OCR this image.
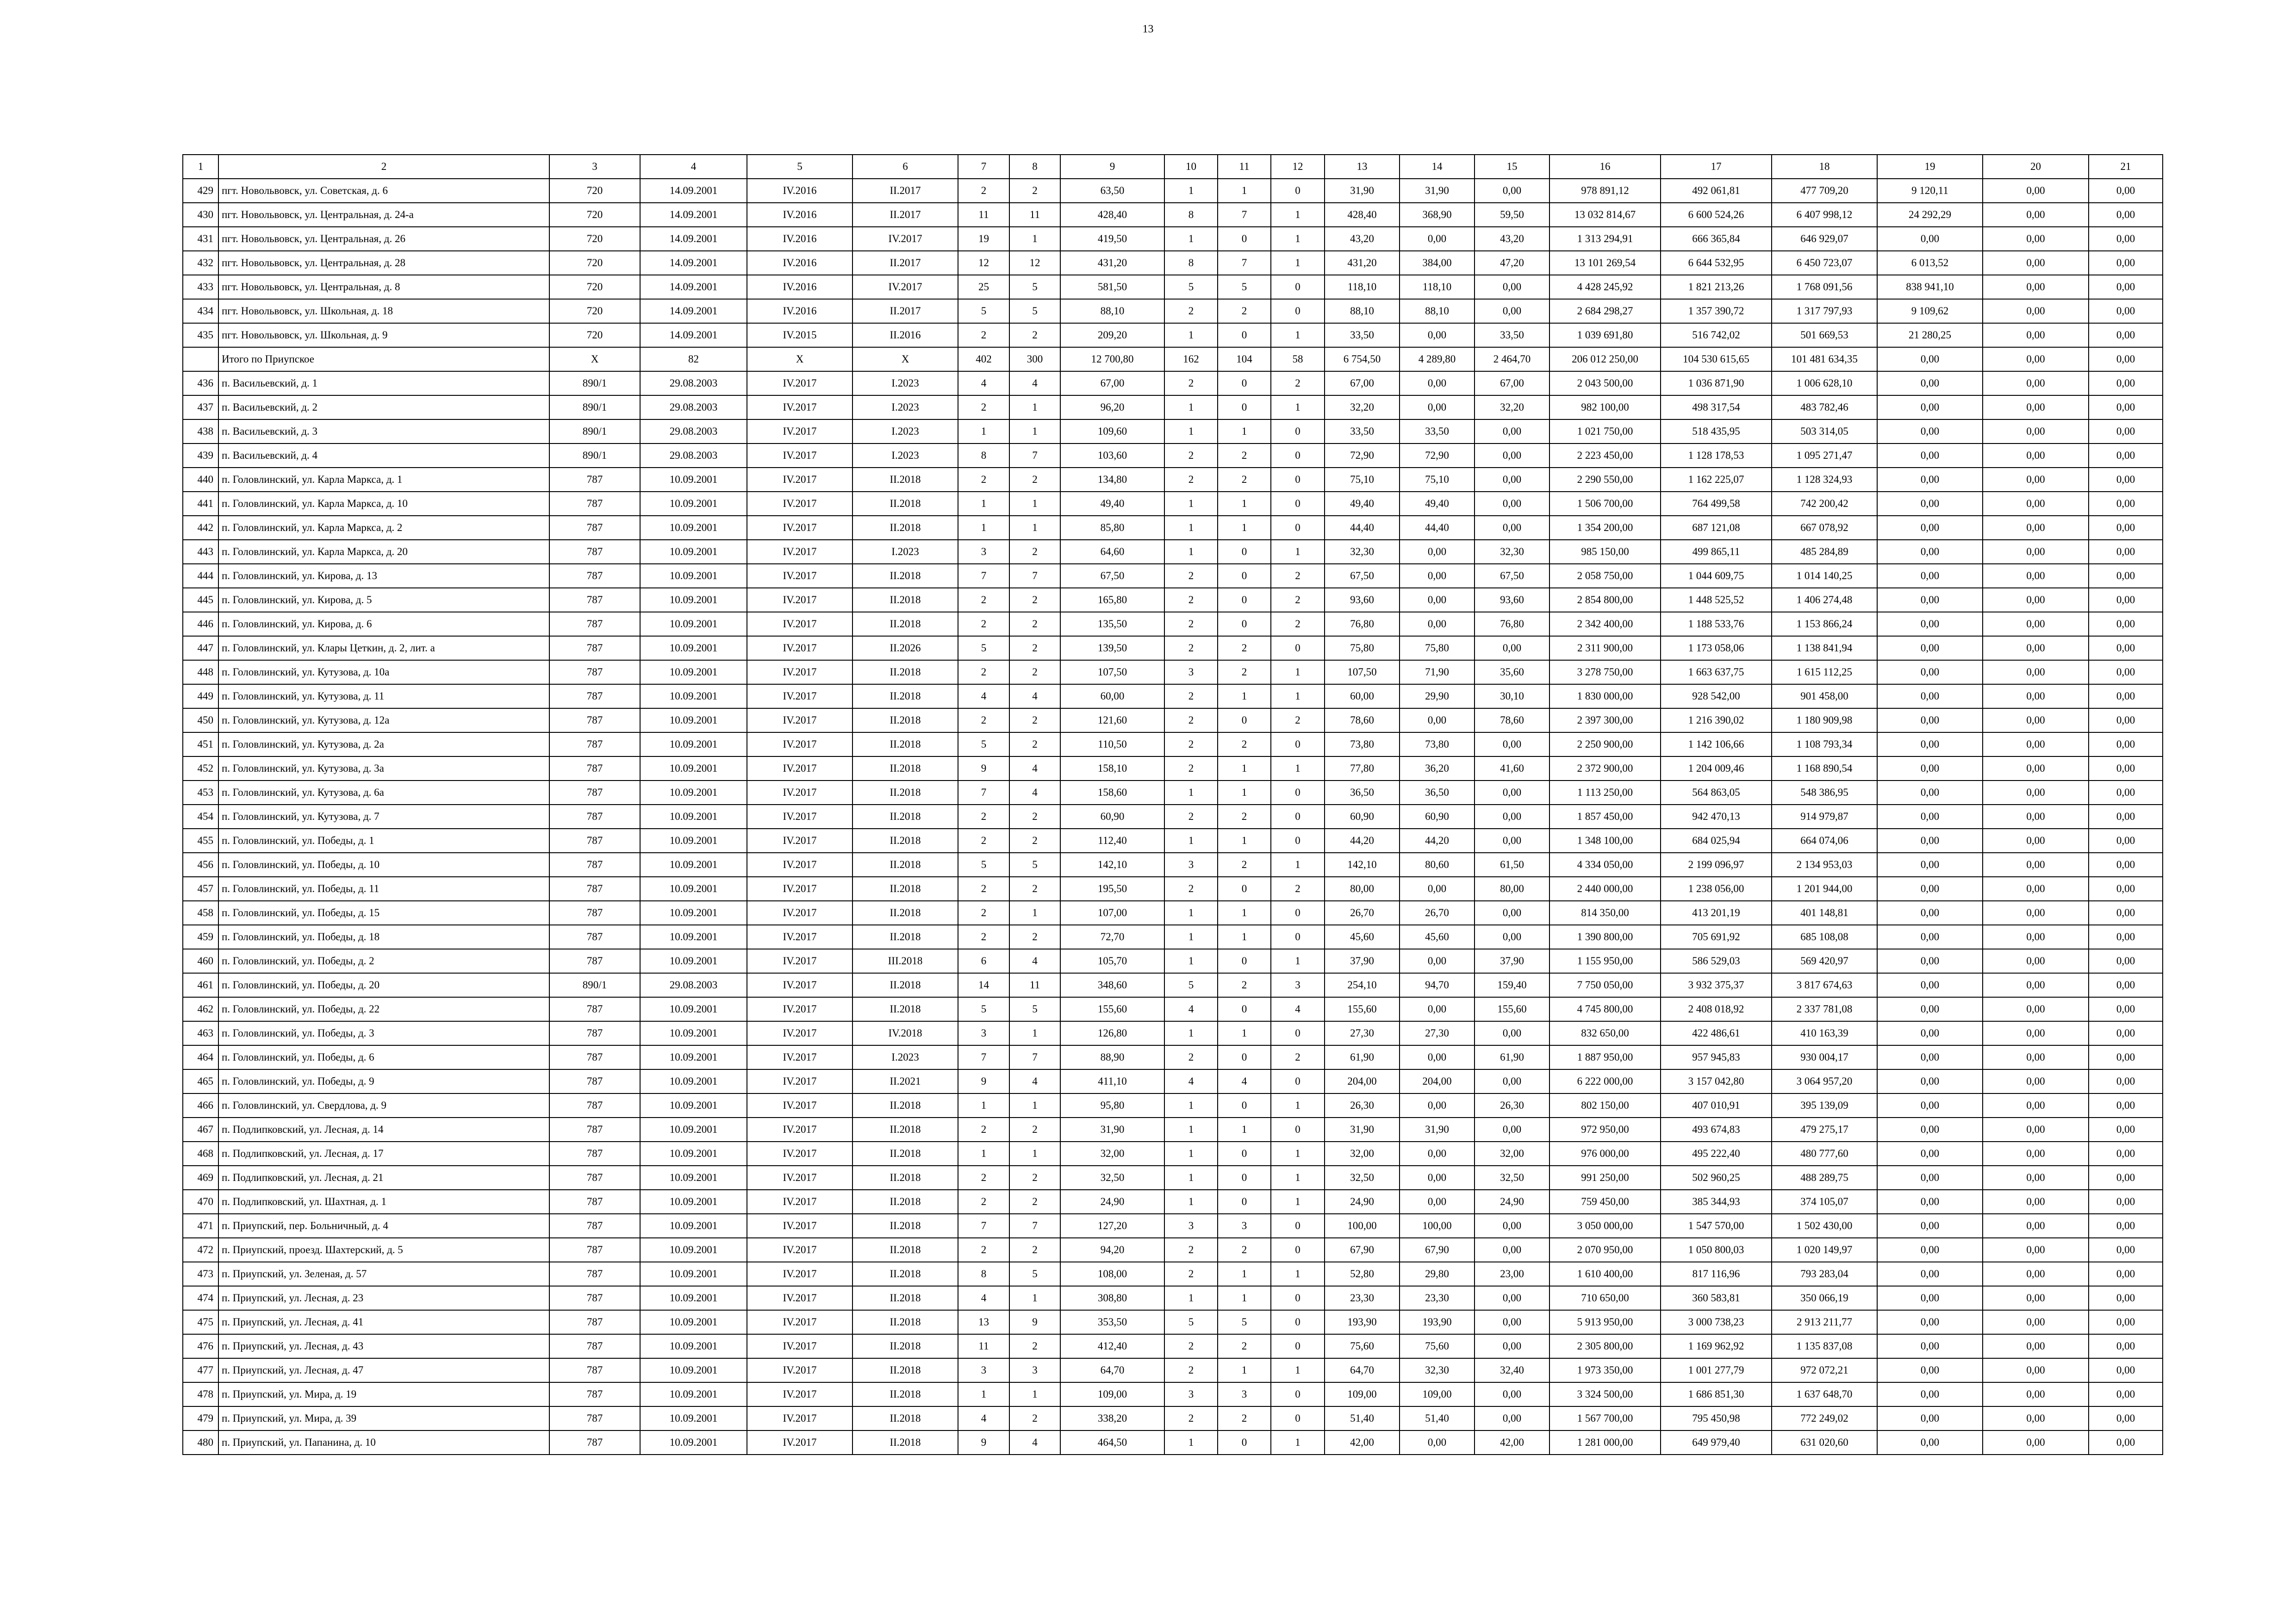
13
1	2	3	4	5	6	7	8	9	10	11	12	13	14	15	16	17	18	19	20	21
429	пгт. Новольвовск, ул. Советская, д. 6	720	14.09.2001	IV.2016	II.2017	2	2	63,50	1	1	0	31,90	31,90	0,00	978 891,12	492 061,81	477 709,20	9 120,11	0,00	0,00
430	пгт. Новольвовск, ул. Центральная, д. 24-а	720	14.09.2001	IV.2016	II.2017	11	11	428,40	8	7	1	428,40	368,90	59,50	13 032 814,67	6 600 524,26	6 407 998,12	24 292,29	0,00	0,00
431	пгт. Новольвовск, ул. Центральная, д. 26	720	14.09.2001	IV.2016	IV.2017	19	1	419,50	1	0	1	43,20	0,00	43,20	1 313 294,91	666 365,84	646 929,07	0,00	0,00	0,00
432	пгт. Новольвовск, ул. Центральная, д. 28	720	14.09.2001	IV.2016	II.2017	12	12	431,20	8	7	1	431,20	384,00	47,20	13 101 269,54	6 644 532,95	6 450 723,07	6 013,52	0,00	0,00
433	пгт. Новольвовск, ул. Центральная, д. 8	720	14.09.2001	IV.2016	IV.2017	25	5	581,50	5	5	0	118,10	118,10	0,00	4 428 245,92	1 821 213,26	1 768 091,56	838 941,10	0,00	0,00
434	пгт. Новольвовск, ул. Школьная, д. 18	720	14.09.2001	IV.2016	II.2017	5	5	88,10	2	2	0	88,10	88,10	0,00	2 684 298,27	1 357 390,72	1 317 797,93	9 109,62	0,00	0,00
435	пгт. Новольвовск, ул. Школьная, д. 9	720	14.09.2001	IV.2015	II.2016	2	2	209,20	1	0	1	33,50	0,00	33,50	1 039 691,80	516 742,02	501 669,53	21 280,25	0,00	0,00
	Итого по Приупское	X	82	X	X	402	300	12 700,80	162	104	58	6 754,50	4 289,80	2 464,70	206 012 250,00	104 530 615,65	101 481 634,35	0,00	0,00	0,00
436	п. Васильевский, д. 1	890/1	29.08.2003	IV.2017	I.2023	4	4	67,00	2	0	2	67,00	0,00	67,00	2 043 500,00	1 036 871,90	1 006 628,10	0,00	0,00	0,00
437	п. Васильевский, д. 2	890/1	29.08.2003	IV.2017	I.2023	2	1	96,20	1	0	1	32,20	0,00	32,20	982 100,00	498 317,54	483 782,46	0,00	0,00	0,00
438	п. Васильевский, д. 3	890/1	29.08.2003	IV.2017	I.2023	1	1	109,60	1	1	0	33,50	33,50	0,00	1 021 750,00	518 435,95	503 314,05	0,00	0,00	0,00
439	п. Васильевский, д. 4	890/1	29.08.2003	IV.2017	I.2023	8	7	103,60	2	2	0	72,90	72,90	0,00	2 223 450,00	1 128 178,53	1 095 271,47	0,00	0,00	0,00
440	п. Головлинский, ул. Карла Маркса, д. 1	787	10.09.2001	IV.2017	II.2018	2	2	134,80	2	2	0	75,10	75,10	0,00	2 290 550,00	1 162 225,07	1 128 324,93	0,00	0,00	0,00
441	п. Головлинский, ул. Карла Маркса, д. 10	787	10.09.2001	IV.2017	II.2018	1	1	49,40	1	1	0	49,40	49,40	0,00	1 506 700,00	764 499,58	742 200,42	0,00	0,00	0,00
442	п. Головлинский, ул. Карла Маркса, д. 2	787	10.09.2001	IV.2017	II.2018	1	1	85,80	1	1	0	44,40	44,40	0,00	1 354 200,00	687 121,08	667 078,92	0,00	0,00	0,00
443	п. Головлинский, ул. Карла Маркса, д. 20	787	10.09.2001	IV.2017	I.2023	3	2	64,60	1	0	1	32,30	0,00	32,30	985 150,00	499 865,11	485 284,89	0,00	0,00	0,00
444	п. Головлинский, ул. Кирова, д. 13	787	10.09.2001	IV.2017	II.2018	7	7	67,50	2	0	2	67,50	0,00	67,50	2 058 750,00	1 044 609,75	1 014 140,25	0,00	0,00	0,00
445	п. Головлинский, ул. Кирова, д. 5	787	10.09.2001	IV.2017	II.2018	2	2	165,80	2	0	2	93,60	0,00	93,60	2 854 800,00	1 448 525,52	1 406 274,48	0,00	0,00	0,00
446	п. Головлинский, ул. Кирова, д. 6	787	10.09.2001	IV.2017	II.2018	2	2	135,50	2	0	2	76,80	0,00	76,80	2 342 400,00	1 188 533,76	1 153 866,24	0,00	0,00	0,00
447	п. Головлинский, ул. Клары Цеткин, д. 2, лит. а	787	10.09.2001	IV.2017	II.2026	5	2	139,50	2	2	0	75,80	75,80	0,00	2 311 900,00	1 173 058,06	1 138 841,94	0,00	0,00	0,00
448	п. Головлинский, ул. Кутузова, д. 10а	787	10.09.2001	IV.2017	II.2018	2	2	107,50	3	2	1	107,50	71,90	35,60	3 278 750,00	1 663 637,75	1 615 112,25	0,00	0,00	0,00
449	п. Головлинский, ул. Кутузова, д. 11	787	10.09.2001	IV.2017	II.2018	4	4	60,00	2	1	1	60,00	29,90	30,10	1 830 000,00	928 542,00	901 458,00	0,00	0,00	0,00
450	п. Головлинский, ул. Кутузова, д. 12а	787	10.09.2001	IV.2017	II.2018	2	2	121,60	2	0	2	78,60	0,00	78,60	2 397 300,00	1 216 390,02	1 180 909,98	0,00	0,00	0,00
451	п. Головлинский, ул. Кутузова, д. 2а	787	10.09.2001	IV.2017	II.2018	5	2	110,50	2	2	0	73,80	73,80	0,00	2 250 900,00	1 142 106,66	1 108 793,34	0,00	0,00	0,00
452	п. Головлинский, ул. Кутузова, д. 3а	787	10.09.2001	IV.2017	II.2018	9	4	158,10	2	1	1	77,80	36,20	41,60	2 372 900,00	1 204 009,46	1 168 890,54	0,00	0,00	0,00
453	п. Головлинский, ул. Кутузова, д. 6а	787	10.09.2001	IV.2017	II.2018	7	4	158,60	1	1	0	36,50	36,50	0,00	1 113 250,00	564 863,05	548 386,95	0,00	0,00	0,00
454	п. Головлинский, ул. Кутузова, д. 7	787	10.09.2001	IV.2017	II.2018	2	2	60,90	2	2	0	60,90	60,90	0,00	1 857 450,00	942 470,13	914 979,87	0,00	0,00	0,00
455	п. Головлинский, ул. Победы, д. 1	787	10.09.2001	IV.2017	II.2018	2	2	112,40	1	1	0	44,20	44,20	0,00	1 348 100,00	684 025,94	664 074,06	0,00	0,00	0,00
456	п. Головлинский, ул. Победы, д. 10	787	10.09.2001	IV.2017	II.2018	5	5	142,10	3	2	1	142,10	80,60	61,50	4 334 050,00	2 199 096,97	2 134 953,03	0,00	0,00	0,00
457	п. Головлинский, ул. Победы, д. 11	787	10.09.2001	IV.2017	II.2018	2	2	195,50	2	0	2	80,00	0,00	80,00	2 440 000,00	1 238 056,00	1 201 944,00	0,00	0,00	0,00
458	п. Головлинский, ул. Победы, д. 15	787	10.09.2001	IV.2017	II.2018	2	1	107,00	1	1	0	26,70	26,70	0,00	814 350,00	413 201,19	401 148,81	0,00	0,00	0,00
459	п. Головлинский, ул. Победы, д. 18	787	10.09.2001	IV.2017	II.2018	2	2	72,70	1	1	0	45,60	45,60	0,00	1 390 800,00	705 691,92	685 108,08	0,00	0,00	0,00
460	п. Головлинский, ул. Победы, д. 2	787	10.09.2001	IV.2017	III.2018	6	4	105,70	1	0	1	37,90	0,00	37,90	1 155 950,00	586 529,03	569 420,97	0,00	0,00	0,00
461	п. Головлинский, ул. Победы, д. 20	890/1	29.08.2003	IV.2017	II.2018	14	11	348,60	5	2	3	254,10	94,70	159,40	7 750 050,00	3 932 375,37	3 817 674,63	0,00	0,00	0,00
462	п. Головлинский, ул. Победы, д. 22	787	10.09.2001	IV.2017	II.2018	5	5	155,60	4	0	4	155,60	0,00	155,60	4 745 800,00	2 408 018,92	2 337 781,08	0,00	0,00	0,00
463	п. Головлинский, ул. Победы, д. 3	787	10.09.2001	IV.2017	IV.2018	3	1	126,80	1	1	0	27,30	27,30	0,00	832 650,00	422 486,61	410 163,39	0,00	0,00	0,00
464	п. Головлинский, ул. Победы, д. 6	787	10.09.2001	IV.2017	I.2023	7	7	88,90	2	0	2	61,90	0,00	61,90	1 887 950,00	957 945,83	930 004,17	0,00	0,00	0,00
465	п. Головлинский, ул. Победы, д. 9	787	10.09.2001	IV.2017	II.2021	9	4	411,10	4	4	0	204,00	204,00	0,00	6 222 000,00	3 157 042,80	3 064 957,20	0,00	0,00	0,00
466	п. Головлинский, ул. Свердлова, д. 9	787	10.09.2001	IV.2017	II.2018	1	1	95,80	1	0	1	26,30	0,00	26,30	802 150,00	407 010,91	395 139,09	0,00	0,00	0,00
467	п. Подлипковский, ул. Лесная, д. 14	787	10.09.2001	IV.2017	II.2018	2	2	31,90	1	1	0	31,90	31,90	0,00	972 950,00	493 674,83	479 275,17	0,00	0,00	0,00
468	п. Подлипковский, ул. Лесная, д. 17	787	10.09.2001	IV.2017	II.2018	1	1	32,00	1	0	1	32,00	0,00	32,00	976 000,00	495 222,40	480 777,60	0,00	0,00	0,00
469	п. Подлипковский, ул. Лесная, д. 21	787	10.09.2001	IV.2017	II.2018	2	2	32,50	1	0	1	32,50	0,00	32,50	991 250,00	502 960,25	488 289,75	0,00	0,00	0,00
470	п. Подлипковский, ул. Шахтная, д. 1	787	10.09.2001	IV.2017	II.2018	2	2	24,90	1	0	1	24,90	0,00	24,90	759 450,00	385 344,93	374 105,07	0,00	0,00	0,00
471	п. Приупский, пер. Больничный, д. 4	787	10.09.2001	IV.2017	II.2018	7	7	127,20	3	3	0	100,00	100,00	0,00	3 050 000,00	1 547 570,00	1 502 430,00	0,00	0,00	0,00
472	п. Приупский, проезд. Шахтерский, д. 5	787	10.09.2001	IV.2017	II.2018	2	2	94,20	2	2	0	67,90	67,90	0,00	2 070 950,00	1 050 800,03	1 020 149,97	0,00	0,00	0,00
473	п. Приупский, ул. Зеленая, д. 57	787	10.09.2001	IV.2017	II.2018	8	5	108,00	2	1	1	52,80	29,80	23,00	1 610 400,00	817 116,96	793 283,04	0,00	0,00	0,00
474	п. Приупский, ул. Лесная, д. 23	787	10.09.2001	IV.2017	II.2018	4	1	308,80	1	1	0	23,30	23,30	0,00	710 650,00	360 583,81	350 066,19	0,00	0,00	0,00
475	п. Приупский, ул. Лесная, д. 41	787	10.09.2001	IV.2017	II.2018	13	9	353,50	5	5	0	193,90	193,90	0,00	5 913 950,00	3 000 738,23	2 913 211,77	0,00	0,00	0,00
476	п. Приупский, ул. Лесная, д. 43	787	10.09.2001	IV.2017	II.2018	11	2	412,40	2	2	0	75,60	75,60	0,00	2 305 800,00	1 169 962,92	1 135 837,08	0,00	0,00	0,00
477	п. Приупский, ул. Лесная, д. 47	787	10.09.2001	IV.2017	II.2018	3	3	64,70	2	1	1	64,70	32,30	32,40	1 973 350,00	1 001 277,79	972 072,21	0,00	0,00	0,00
478	п. Приупский, ул. Мира, д. 19	787	10.09.2001	IV.2017	II.2018	1	1	109,00	3	3	0	109,00	109,00	0,00	3 324 500,00	1 686 851,30	1 637 648,70	0,00	0,00	0,00
479	п. Приупский, ул. Мира, д. 39	787	10.09.2001	IV.2017	II.2018	4	2	338,20	2	2	0	51,40	51,40	0,00	1 567 700,00	795 450,98	772 249,02	0,00	0,00	0,00
480	п. Приупский, ул. Папанина, д. 10	787	10.09.2001	IV.2017	II.2018	9	4	464,50	1	0	1	42,00	0,00	42,00	1 281 000,00	649 979,40	631 020,60	0,00	0,00	0,00
